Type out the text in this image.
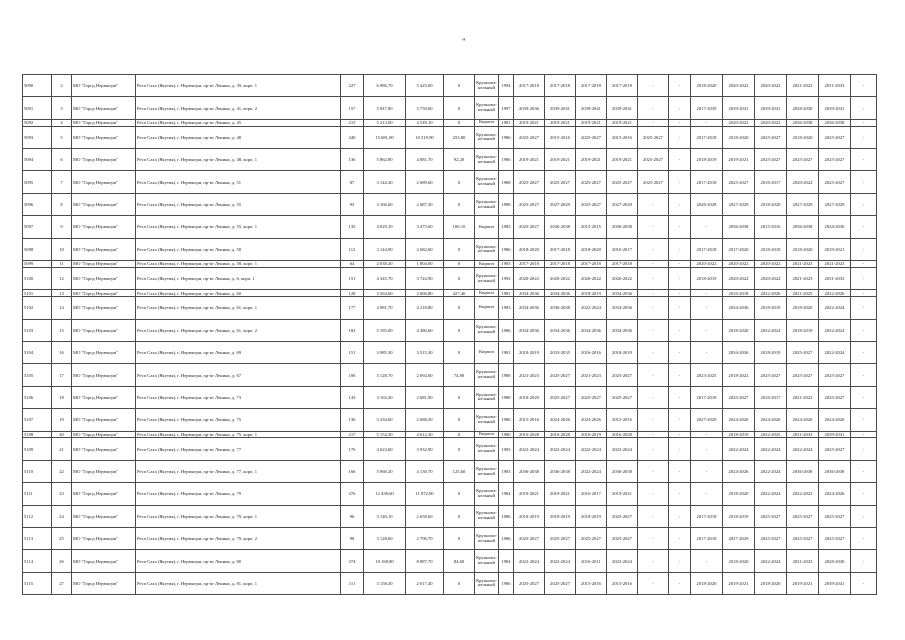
"
5090	2	МО "Город Нерюнгри"	Респ Саха (Якутия), г. Нерюнгри, пр-кт Ленина, д. 39, корп. 1	227	6 986,70	5 425,00	0	Крупнопа- нельный	1994	2017-2018	2017-2018	2017-2018	2017-2018	-	-	2018-2020	2020-2022	2020-2022	2021-2023	2031-2033	-
5091	3	МО "Город Нерюнгри"	Респ Саха (Якутия), г. Нерюнгри, пр-кт Ленина, д. 41, корп. 2	157	5 947,80	3 759,60	0	Крупнопа- нельный	1997	2039-2036	2039-2041	2039-2041	2039-2041	-	-	2017-2039	2039-2041	2039-2041	2028-2030	2039-2041	-
5092	4	МО "Город Нерюнгри"	Респ Саха (Якутия), г. Нерюнгри, пр-кт Ленина, д. 45	215	5 213,00	4 549,10	0	Кирпич	1981	2019-2021	2019-2021	2019-2021	2019-2021	-	-	-	2020-2022	2020-2022	2036-2038	2036-2038	-
5093	5	МО "Город Нерюнгри"	Респ Саха (Якутия), г. Нерюнгри, пр-кт Ленина, д. 48	440	15 681,00	10 519,90	253,80	Крупнопа- нельный	1986	2025-2027	2015-2016	2025-2027	2015-2016	2025-2027	-	2017-2018	2018-2020	2025-2027	2018-2020	2025-2027	-
5094	6	МО "Город Нерюнгри"	Респ Саха (Якутия), г. Нерюнгри, пр-кт Ленина, д. 48, корп. 1	136	5 862,80	4 881,70	92,20	Крупнопа- нельный	1986	2019-2021	2019-2021	2019-2021	2019-2021	2025-2027	-	2018-2019	2019-2021	2025-2027	2025-2027	2025-2027	-
5095	7	МО "Город Нерюнгри"	Респ Саха (Якутия), г. Нерюнгри, пр-кт Ленина, д. 51	87	3 144,30	2 689,60	0	Крупнопа- нельный	1988	2025-2027	2025-2027	2025-2027	2025-2027	2025-2027	-	2017-2018	2025-2027	2016-2017	2020-2022	2025-2027	-
5096	8	МО "Город Нерюнгри"	Респ Саха (Якутия), г. Нерюнгри, пр-кт Ленина, д. 55	93	3 166,60	2 687,30	0	Крупнопа- нельный	1988	2025-2027	2027-2029	2025-2027	2027-2029	-	-	2026-2028	2027-2029	2018-2020	2027-2029	2027-2029	-
5097	9	МО "Город Нерюнгри"	Респ Саха (Якутия), г. Нерюнгри, пр-кт Ленина, д. 55, корп. 1	135	4 029,10	3 475,60	106,10	Кирпич	1983	2025-2027	2036-2038	2015-2015	2036-2038	-	-	-	2036-2038	2015-2016	2036-2038	2034-2036	-
5098	10	МО "Город Нерюнгри"	Респ Саха (Якутия), г. Нерюнгри, пр-кт Ленина, д. 58	112	3 144,90	2 682,60	0	Крупнопа- нельный	1986	2018-2020	2017-2018	2018-2020	2016-2017	-	-	2017-2018	2017-2020	2018-2019	2018-2020	2019-2021	-
5099	11	МО "Город Нерюнгри"	Респ Саха (Якутия), г. Нерюнгри, пр-кт Ленина, д. 58, корп. 1	64	2 038,20	1 804,00	0	Кирпич	1983	2017-2018	2017-2018	2017-2018	2017-2018	-	-	2020-2022	2020-2022	2020-2022	2021-2023	2021-2023	-
5100	12	МО "Город Нерюнгри"	Респ Саха (Якутия), г. Нерюнгри, пр-кт Ленина, д. 6, корп. 1	151	4 345,70	3 724,90	0	Крупнопа- нельный	1992	2020-2022	2020-2022	2020-2022	2020-2022	-	-	2018-2019	2020-2022	2020-2022	2021-2023	2031-2033	-
5101	13	МО "Город Нерюнгри"	Респ Саха (Якутия), г. Нерюнгри, пр-кт Ленина, д. 60	128	3 564,60	2 666,80	427,40	Кирпич	1981	2034-2036	2034-2036	2018-2019	2034-2036	-	-	-	2016-2018	2022-2026	2021-2025	2022-2026	-
5102	14	МО "Город Нерюнгри"	Респ Саха (Якутия), г. Нерюнгри, пр-кт Ленина, д. 61, корп. 1	177	4 981,70	4 218,80	0	Кирпич	1983	2034-2036	2036-2038	2022-2024	2034-2036	-	-	-	2034-2036	2018-2019	2018-2020	2022-2024	-
5103	15	МО "Город Нерюнгри"	Респ Саха (Якутия), г. Нерюнгри, пр-кт Ленина, д. 61, корп. 2	182	5 185,00	4 480,60	0	Крупнопа- нельный	1986	2034-2036	2034-2036	2034-2036	2034-2036	-	-	-	2018-2020	2022-2024	2018-2019	2022-2024	-
5104	16	МО "Город Нерюнгри"	Респ Саха (Якутия), г. Нерюнгри, пр-кт Ленина, д. 69	151	3 985,30	3 515,30	0	Кирпич	1981	2018-2019	2033-2035	2016-2016	2018-2019	-	-	-	2034-2036	2018-2019	2025-2027	2022-2024	-
5105	17	МО "Город Нерюнгри"	Респ Саха (Якутия), г. Нерюнгри, пр-кт Ленина, д. 67	106	3 128,70	2 692,60	74,80	Крупнопа- нельный	1988	2021-2023	2025-2027	2021-2023	2025-2027	-	-	2023-2025	2018-2022	2025-2027	2025-2027	2025-2027	-
5106	18	МО "Город Нерюнгри"	Респ Саха (Якутия), г. Нерюнгри, пр-кт Ленина, д. 73	143	3 163,30	2 681,90	0	Крупнопа- нельный	1988	2018-2020	2025-2027	2025-2027	2025-2027	-	-	2017-2018	2025-2027	2016-2017	2021-2023	2025-2027	-
5107	19	МО "Город Нерюнгри"	Респ Саха (Якутия), г. Нерюнгри, пр-кт Ленина, д. 75	136	3 234,60	2 688,30	0	Крупнопа- нельный	1986	2015-2016	2024-2026	2024-2026	2015-2016	-	-	2027-2029	2024-2026	2024-2026	2024-2026	2024-2026	-
5108	20	МО "Город Нерюнгри"	Респ Саха (Якутия), г. Нерюнгри, пр-кт Ленина, д. 75, корп. 1	217	5 154,30	4 612,30	0	Кирпич	1980	2016-2028	2016-2028	2016-2019	2016-2028	-	-	-	2018-2019	2022-2025	2031-2033	2039-2041	-
5109	21	МО "Город Нерюнгри"	Респ Саха (Якутия), г. Нерюнгри, пр-кт Ленина, д. 77	176	4 623,60	3 932,90	0	Крупнопа- нельный	1983	2022-2024	2022-2024	2022-2024	2022-2024	-	-	-	2022-2024	2022-2024	2022-2024	2025-2027	-
5110	22	МО "Город Нерюнгри"	Респ Саха (Якутия), г. Нерюнгри, пр-кт Ленина, д. 77, корп. 1	166	5 060,20	4 130,70	125,60	Крупнопа- нельный	1983	2036-2038	2036-2038	2022-2024	2036-2038	-	-	-	2024-2026	2022-2024	2036-2038	2036-2038	-
5111	23	МО "Город Нерюнгри"	Респ Саха (Якутия), г. Нерюнгри, пр-кт Ленина, д. 79	476	12 438,60	11 072,00	0	Крупнопа- нельный	1984	2019-2021	2019-2021	2016-2017	2019-2021	-	-	-	2018-2020	2022-2024	2022-2023	2024-2026	-
5112	24	МО "Город Нерюнгри"	Респ Саха (Якутия), г. Нерюнгри, пр-кт Ленина, д. 79, корп. 1	96	3 140,10	2 658,60	0	Крупнопа- нельный	1986	2018-2019	2018-2019	2018-2019	2025-2027	-	-	2017-2018	2018-2019	2025-2027	2025-2027	2025-2027	-
5113	25	МО "Город Нерюнгри"	Респ Саха (Якутия), г. Нерюнгри, пр-кт Ленина, д. 79, корп. 2	98	3 128,60	2 706,70	0	Крупнопа- нельный	1986	2025-2027	2025-2027	2025-2027	2025-2027	-	-	2017-2018	2027-2029	2025-2027	2025-2027	2025-2027	-
5114	26	МО "Город Нерюнгри"	Респ Саха (Якутия), г. Нерюнгри, пр-кт Ленина, д. 80	374	10 168,80	8 887,70	84,60	Крупнопа- нельный	1984	2022-2024	2022-2024	2016-2011	2022-2024	-	-	-	2018-2020	2022-2024	2021-2023	2028-2030	-
5115	27	МО "Город Нерюнгри"	Респ Саха (Якутия), г. Нерюнгри, пр-кт Ленина, д. 81, корп. 1	111	3 158,30	2 617,40	0	Крупнопа- нельный	1986	2025-2027	2025-2027	2015-2016	2015-2016	-	-	2018-2020	2019-2021	2018-2020	2019-2021	2039-2041	-
